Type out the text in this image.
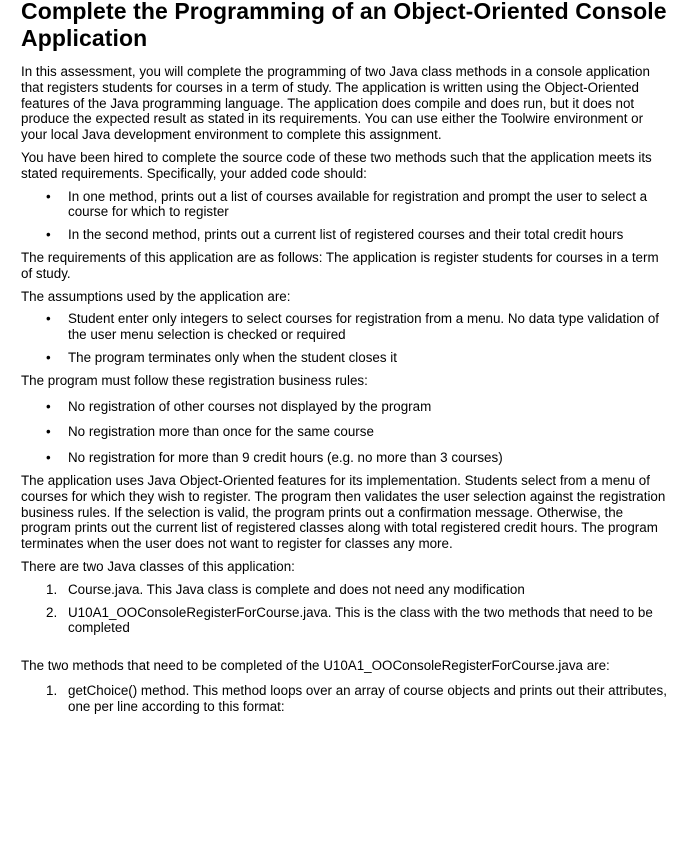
Complete the Programming of an Object-Oriented Console Application

In this assessment, you will complete the programming of two Java class methods in a console application that registers students for courses in a term of study. The application is written using the Object-Oriented features of the Java programming language. The application does compile and does run, but it does not produce the expected result as stated in its requirements. You can use either the Toolwire environment or your local Java development environment to complete this assignment.

You have been hired to complete the source code of these two methods such that the application meets its stated requirements. Specifically, your added code should:

• In one method, prints out a list of courses available for registration and prompt the user to select a course for which to register
• In the second method, prints out a current list of registered courses and their total credit hours

The requirements of this application are as follows: The application is register students for courses in a term of study.

The assumptions used by the application are:

• Student enter only integers to select courses for registration from a menu. No data type validation of the user menu selection is checked or required
• The program terminates only when the student closes it

The program must follow these registration business rules:

• No registration of other courses not displayed by the program
• No registration more than once for the same course
• No registration for more than 9 credit hours (e.g. no more than 3 courses)

The application uses Java Object-Oriented features for its implementation. Students select from a menu of courses for which they wish to register. The program then validates the user selection against the registration business rules. If the selection is valid, the program prints out a confirmation message. Otherwise, the program prints out the current list of registered classes along with total registered credit hours. The program terminates when the user does not want to register for classes any more.

There are two Java classes of this application:

1. Course.java. This Java class is complete and does not need any modification
2. U10A1_OOConsoleRegisterForCourse.java. This is the class with the two methods that need to be completed

The two methods that need to be completed of the U10A1_OOConsoleRegisterForCourse.java are:

1. getChoice() method. This method loops over an array of course objects and prints out their attributes, one per line according to this format:
